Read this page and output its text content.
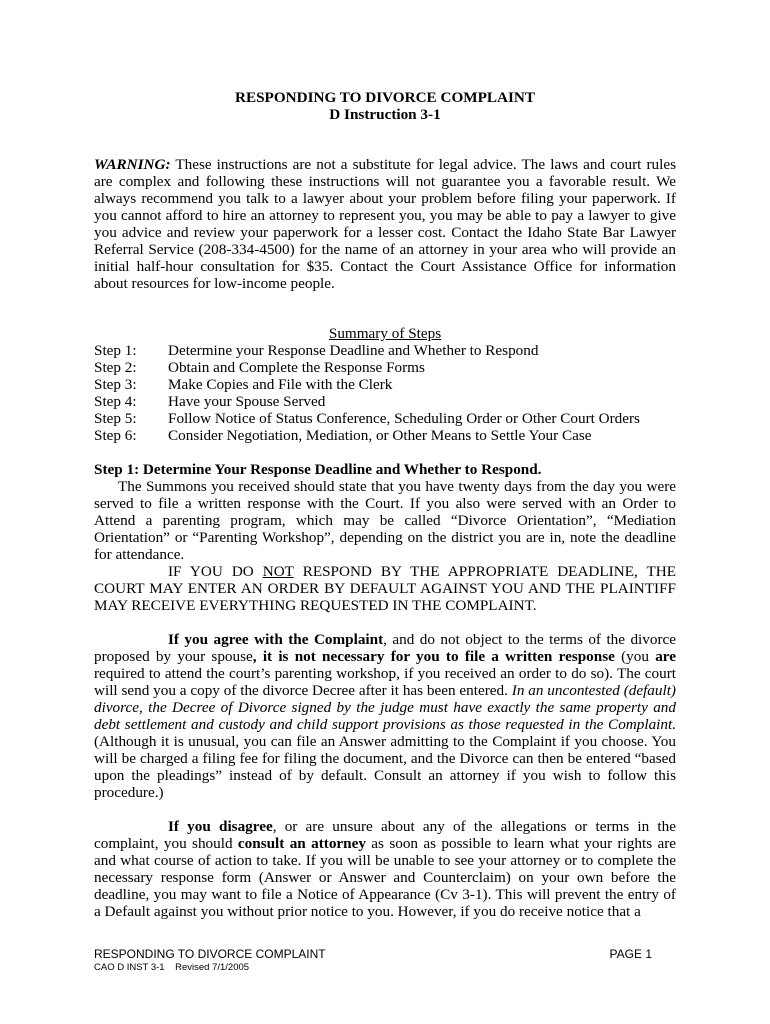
RESPONDING TO DIVORCE COMPLAINT
D Instruction 3-1
WARNING: These instructions are not a substitute for legal advice. The laws and court rules are complex and following these instructions will not guarantee you a favorable result. We always recommend you talk to a lawyer about your problem before filing your paperwork. If you cannot afford to hire an attorney to represent you, you may be able to pay a lawyer to give you advice and review your paperwork for a lesser cost. Contact the Idaho State Bar Lawyer Referral Service (208-334-4500) for the name of an attorney in your area who will provide an initial half-hour consultation for $35. Contact the Court Assistance Office for information about resources for low-income people.
Summary of Steps
Step 1:	Determine your Response Deadline and Whether to Respond
Step 2:	Obtain and Complete the Response Forms
Step 3:	Make Copies and File with the Clerk
Step 4:	Have your Spouse Served
Step 5:	Follow Notice of Status Conference, Scheduling Order or Other Court Orders
Step 6:	Consider Negotiation, Mediation, or Other Means to Settle Your Case
Step 1: Determine Your Response Deadline and Whether to Respond.
The Summons you received should state that you have twenty days from the day you were served to file a written response with the Court. If you also were served with an Order to Attend a parenting program, which may be called “Divorce Orientation”, “Mediation Orientation” or “Parenting Workshop”, depending on the district you are in, note the deadline for attendance.
IF YOU DO NOT RESPOND BY THE APPROPRIATE DEADLINE, THE COURT MAY ENTER AN ORDER BY DEFAULT AGAINST YOU AND THE PLAINTIFF MAY RECEIVE EVERYTHING REQUESTED IN THE COMPLAINT.
If you agree with the Complaint, and do not object to the terms of the divorce proposed by your spouse, it is not necessary for you to file a written response (you are required to attend the court’s parenting workshop, if you received an order to do so). The court will send you a copy of the divorce Decree after it has been entered. In an uncontested (default) divorce, the Decree of Divorce signed by the judge must have exactly the same property and debt settlement and custody and child support provisions as those requested in the Complaint. (Although it is unusual, you can file an Answer admitting to the Complaint if you choose. You will be charged a filing fee for filing the document, and the Divorce can then be entered “based upon the pleadings” instead of by default. Consult an attorney if you wish to follow this procedure.)
If you disagree, or are unsure about any of the allegations or terms in the complaint, you should consult an attorney as soon as possible to learn what your rights are and what course of action to take. If you will be unable to see your attorney or to complete the necessary response form (Answer or Answer and Counterclaim) on your own before the deadline, you may want to file a Notice of Appearance (Cv 3-1). This will prevent the entry of a Default against you without prior notice to you. However, if you do receive notice that a
RESPONDING TO DIVORCE COMPLAINT	PAGE 1
CAO D INST 3-1    Revised 7/1/2005
